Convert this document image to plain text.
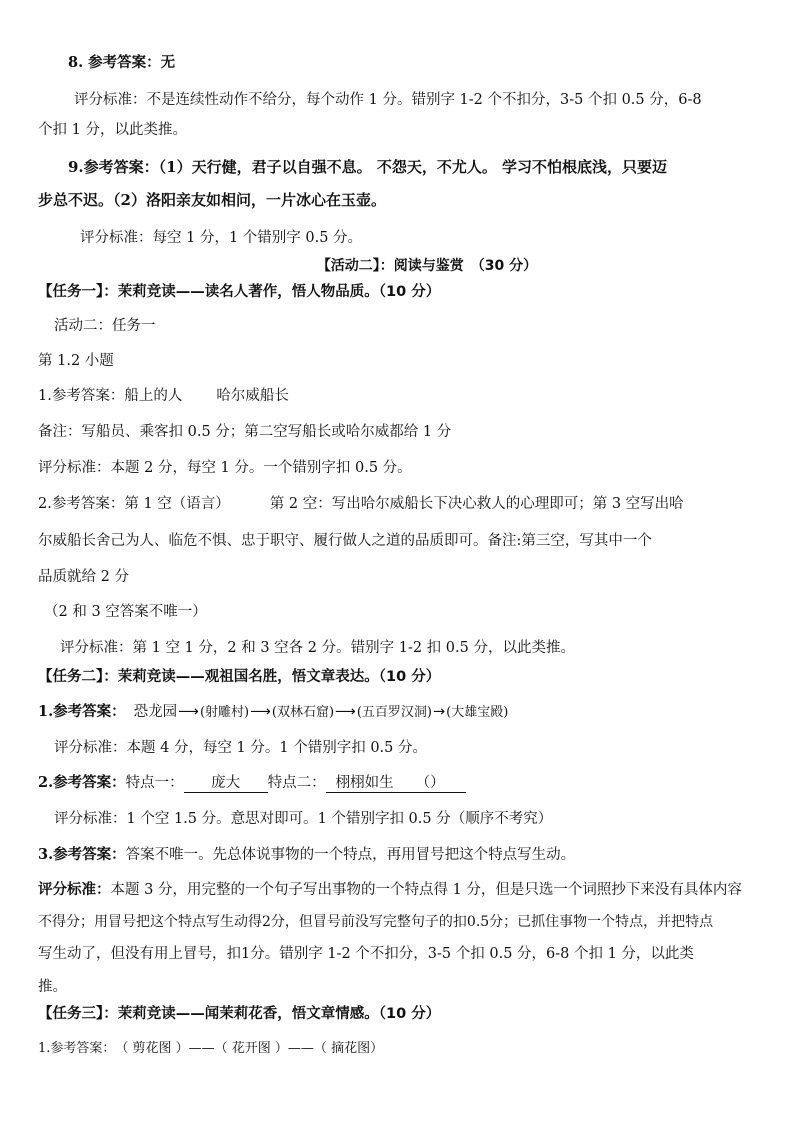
8. 参考答案：无
评分标准：不是连续性动作不给分，每个动作 1 分。错别字 1-2 个不扣分，3-5 个扣 0.5 分，6-8
个扣 1 分，以此类推。
9.参考答案：（1）天行健，君子以自强不息。 不怨天，不尤人。 学习不怕根底浅，只要迈
步总不迟。（2）洛阳亲友如相问，一片冰心在玉壶。
评分标准：每空 1 分，1 个错别字 0.5 分。
【活动二】：阅读与鉴赏　（30 分）
【任务一】：茉莉竞读——读名人著作，悟人物品质。（10 分）
活动二：任务一
第 1.2 小题
1.参考答案：船上的人 哈尔威船长
备注：写船员、乘客扣 0.5 分；第二空写船长或哈尔威都给 1 分
评分标准：本题 2 分，每空 1 分。一个错别字扣 0.5 分。
2.参考答案：第 1 空（语言）	第 2 空：写出哈尔威船长下决心救人的心理即可；第 3 空写出哈
尔威船长舍己为人、临危不惧、忠于职守、履行做人之道的品质即可。备注:第三空，写其中一个
品质就给 2 分
（2 和 3 空答案不唯一）
评分标准：第 1 空 1 分，2 和 3 空各 2 分。错别字 1-2 扣 0.5 分，以此类推。
【任务二】：茉莉竞读——观祖国名胜，悟文章表达。（10 分）
1.参考答案： 恐龙园⟶(射雕村)⟶(双林石窟)⟶(五百罗汉洞)→(大雄宝殿)
评分标准：本题 4 分，每空 1 分。1 个错别字扣 0.5 分。
2.参考答案：特点一： 庞大 特点二： 栩栩如生 （）
评分标准：1 个空 1.5 分。意思对即可。1 个错别字扣 0.5 分（顺序不考究）
3.参考答案：答案不唯一。先总体说事物的一个特点，再用冒号把这个特点写生动。
评分标准：本题 3 分，用完整的一个句子写出事物的一个特点得 1 分，但是只选一个词照抄下来没有具体内容
不得分；用冒号把这个特点写生动得2分，但冒号前没写完整句子的扣0.5分；已抓住事物一个特点，并把特点
写生动了，但没有用上冒号，扣1分。错别字 1-2 个不扣分，3-5 个扣 0.5 分，6-8 个扣 1 分，以此类
推。
【任务三】：茉莉竞读——闻茉莉花香，悟文章情感。（10 分）
1.参考答案：　（ 剪花图 ）——（ 花开图 ）——（ 摘花图）
